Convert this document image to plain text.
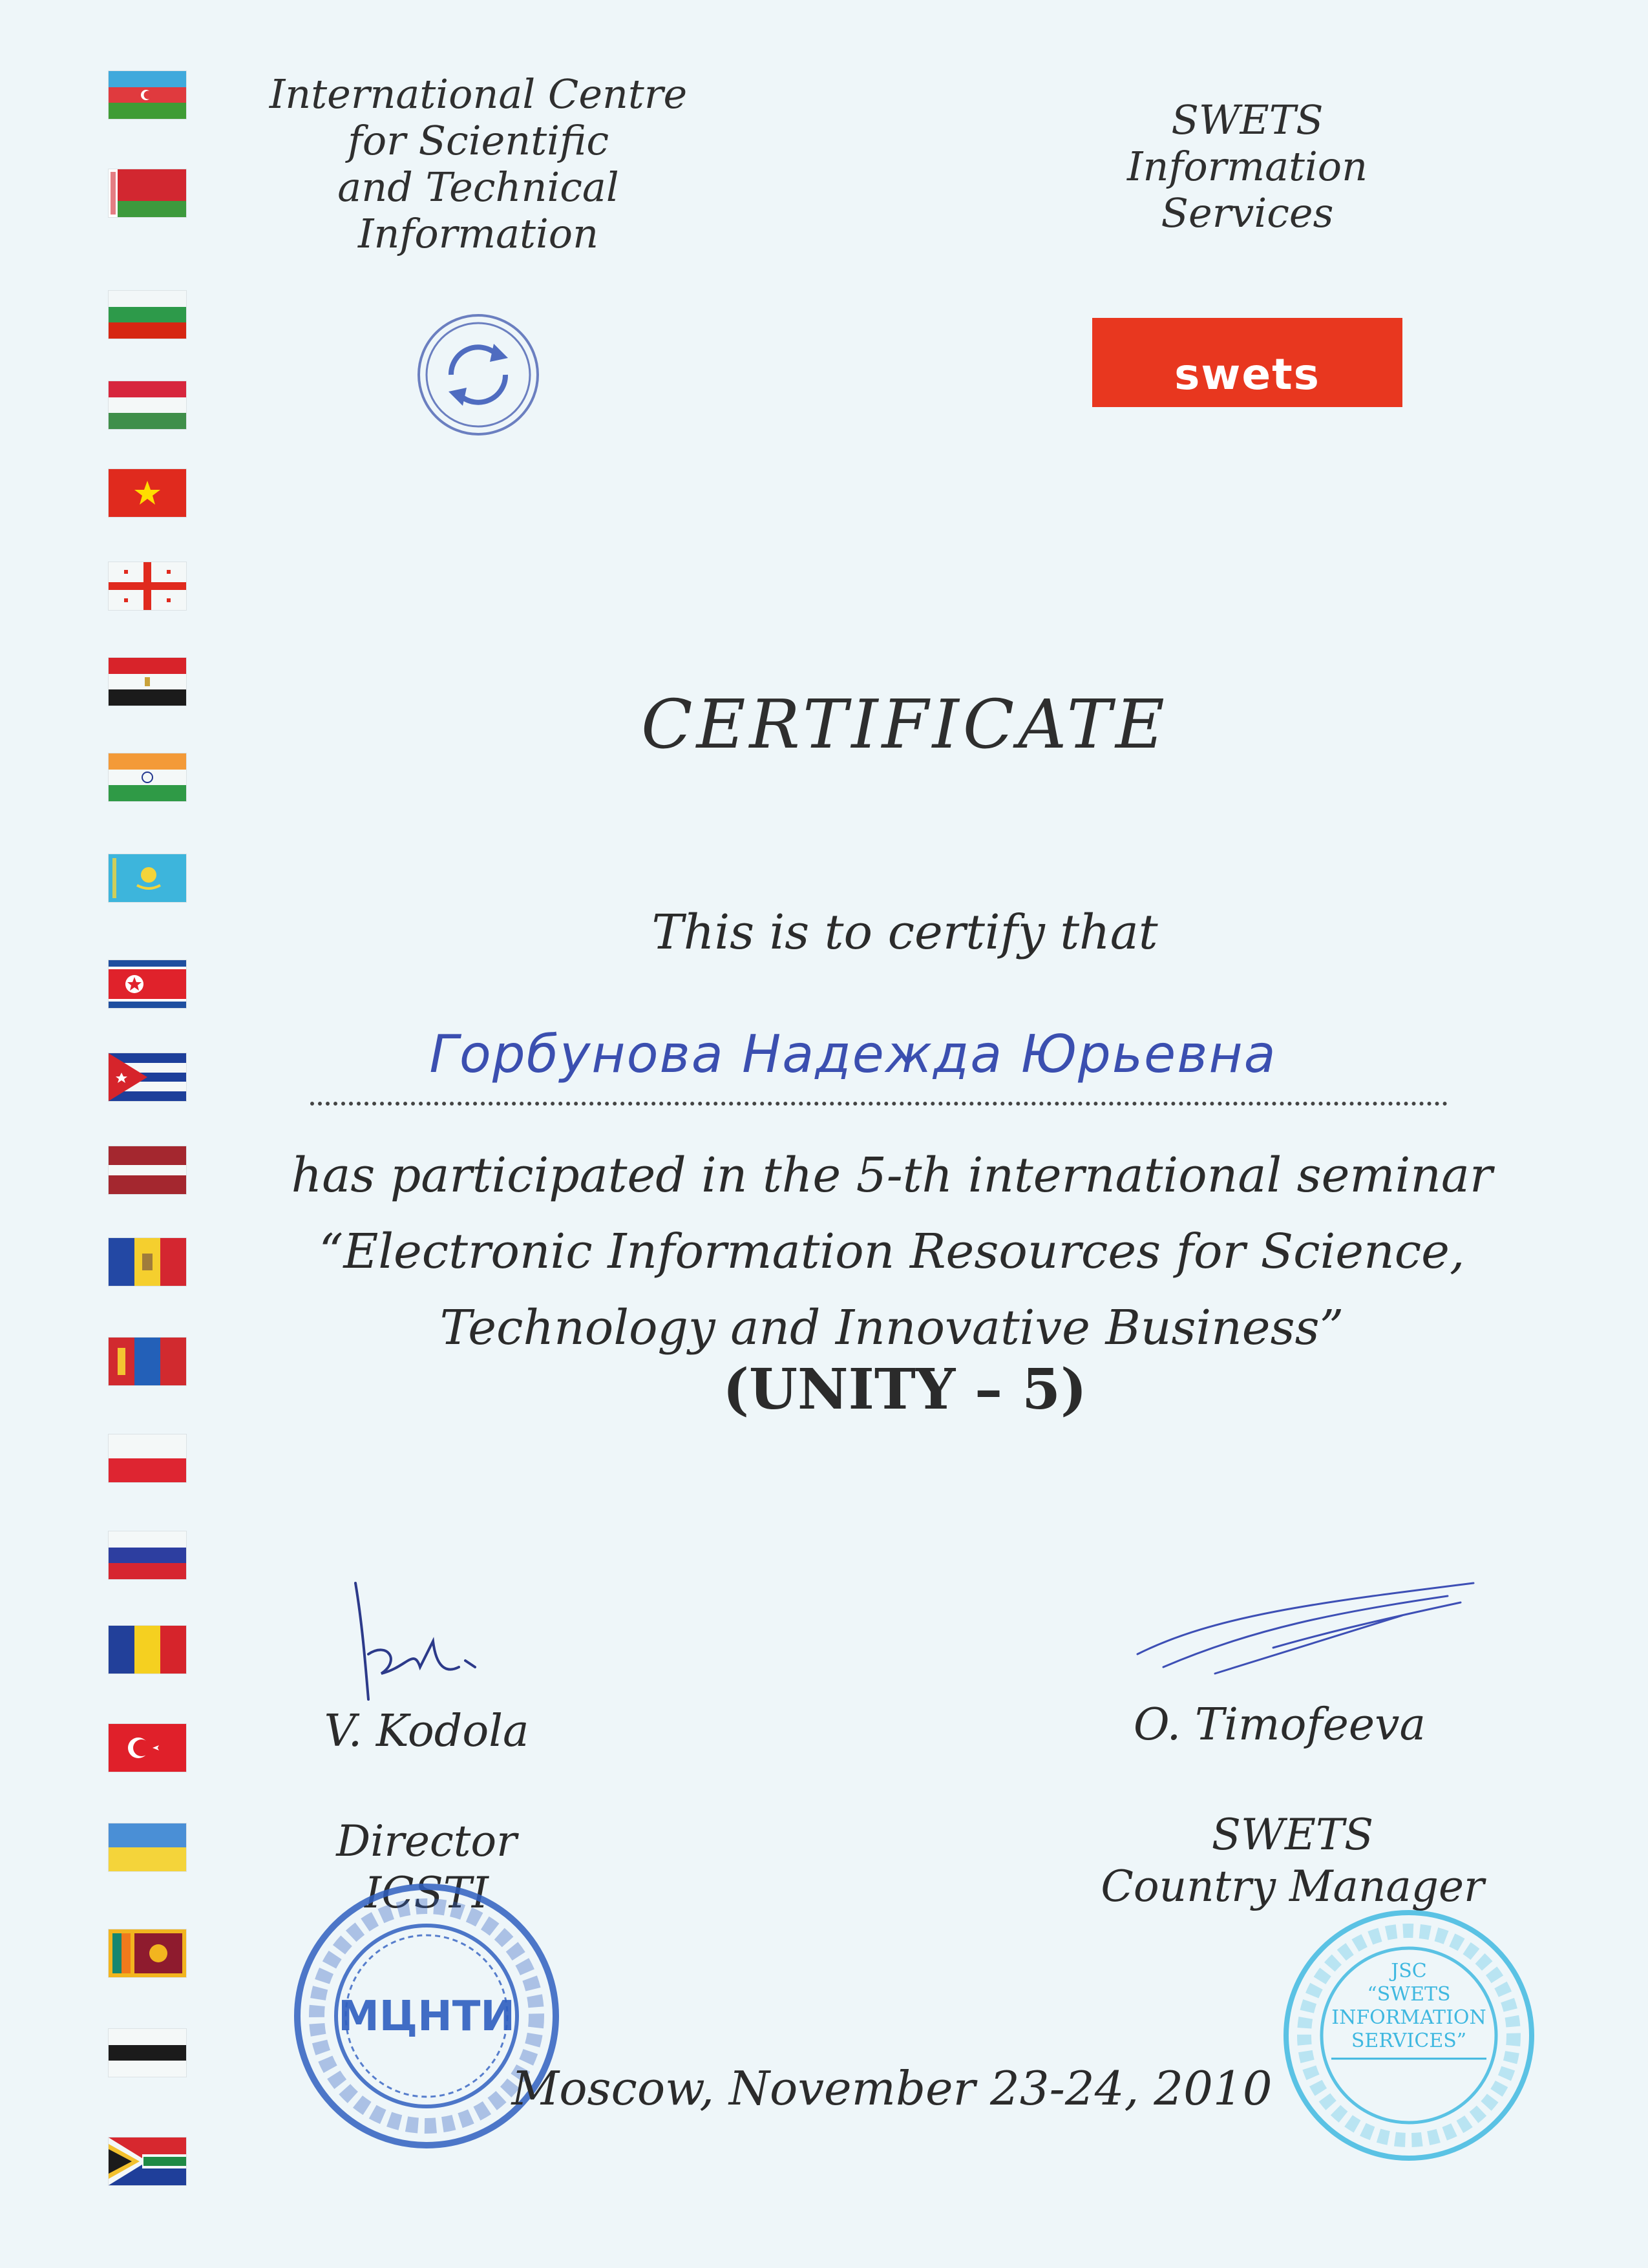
International Centre
for Scientific
and Technical
Information
SWETS
Information
Services
swets
CERTIFICATE
This is to certify that
Горбунова Надежда Юрьевна
has participated in the 5-th international seminar
“Electronic Information Resources for Science,
Technology and Innovative Business”
(UNITY – 5)
V. Kodola	O. Timofeeva
Director
ICSTI
SWETS
Country Manager
МЦНТИ
JSC
“SWETS
INFORMATION
SERVICES”
Moscow, November 23-24, 2010
